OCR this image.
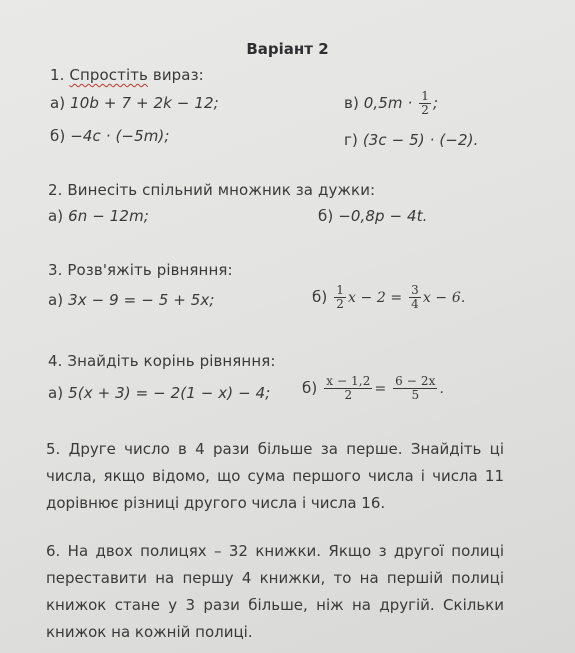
Варіант 2
1. Спростіть вираз:
а) 10b + 7 + 2k − 12;	в) $0,5m \cdot \frac{1}{2}$ ;
б) −4c · (−5m);	г) (3c − 5) · (−2).
2. Винесіть спільний множник за дужки:
а) 6n − 12m;	б) −0,8p − 4t.
3. Розв'яжіть рівняння:
а) 3x − 9 = − 5 + 5x;	$б) \frac{1}{2}$ $x - 2 = \frac{3}{4}$ x − 6.
4. Знайдіть корінь рівняння:
а) 5(x + 3) = − 2(1 − x) − 4; $б) \frac{x - 1,2}{2} = \frac{6 - 2x}{5}$ .
5. Друге число в 4 рази більше за перше. Знайдіть ці числа, якщо відомо, що сума першого числа і числа 11 дорівнює різниці другого числа і числа 16.
6. На двох полицях – 32 книжки. Якщо з другої полиці переставити на першу 4 книжки, то на першій полиці книжок стане у 3 рази більше, ніж на другій. Скільки книжок на кожній полиці.
